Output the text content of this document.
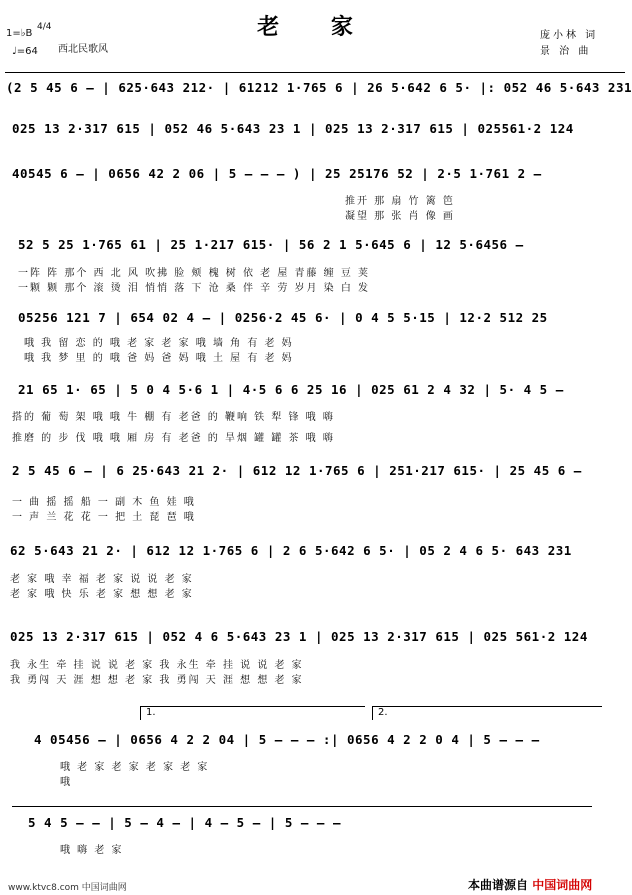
老 家
1=♭B
4/4
♩=64 西北民歌风
庞小林 词
景 治 曲
(2 5 45 6 — | 625·643 212· | 61212 1·765 6 | 26 5·642 6 5· |: 052 46 5·643 231
025 13 2·317 615 | 052 46 5·643 23 1 | 025 13 2·317 615 | 025561·2 124
40545 6 — | 0656 42 2 06 | 5 — — — ) | 25 25176 52 | 2·5 1·761 2 —
推开 那 扇 竹 篱 笆
凝望 那 张 肖 像 画
52 5 25 1·765 61 | 25 1·217 615· | 56 2 1 5·645 6 | 12 5·6456 —
一阵 阵 那个 西 北 风 吹拂 脸 颊 槐 树 依 老 屋 青藤 缠 豆 荚
一颗 颗 那个 滚 烫 泪 悄悄 落 下 沧 桑 伴 辛 劳 岁月 染 白 发
05256 121 7 | 654 02 4 — | 0256·2 45 6· | 0 4 5 5·15 | 12·2 512 25
哦 我 留 恋 的 哦 老 家 老 家 哦 墙 角 有 老 妈
哦 我 梦 里 的 哦 爸 妈 爸 妈 哦 土 屋 有 老 妈
21 65 1· 65 | 5 0 4 5·6 1 | 4·5 6 6 25 16 | 025 61 2 4 32 | 5· 4 5 —
搭的 葡 萄 架 哦 哦 牛 棚 有 老爸 的 鞭响 铁 犁 锋 哦 嗨
推磨 的 步 伐 哦 哦 厢 房 有 老爸 的 旱烟 罐 罐 茶 哦 嗨
2 5 45 6 — | 6 25·643 21 2· | 612 12 1·765 6 | 251·217 615· | 25 45 6 —
一 曲 摇 摇 船 一 副 木 鱼 娃 哦
一 声 兰 花 花 一 把 土 琵 琶 哦
62 5·643 21 2· | 612 12 1·765 6 | 2 6 5·642 6 5· | 05 2 4 6 5· 643 231
老 家 哦 幸 福 老 家 说 说 老 家
老 家 哦 快 乐 老 家 想 想 老 家
025 13 2·317 615 | 052 4 6 5·643 23 1 | 025 13 2·317 615 | 025 561·2 124
我 永生 牵 挂 说 说 老 家 我 永生 牵 挂 说 说 老 家
我 勇闯 天 涯 想 想 老 家 我 勇闯 天 涯 想 想 老 家
1.	2.
4 05456 — | 0656 4 2 2 04 | 5 — — — :| 0656 4 2 2 0 4 | 5 — — —
哦 老 家 老 家 老 家 老 家
哦
5 4 5 — — | 5 — 4 — | 4 — 5 — | 5 — — —
哦 嗨 老 家
www.ktvc8.com 中国词曲网	本曲谱源自 中国词曲网
